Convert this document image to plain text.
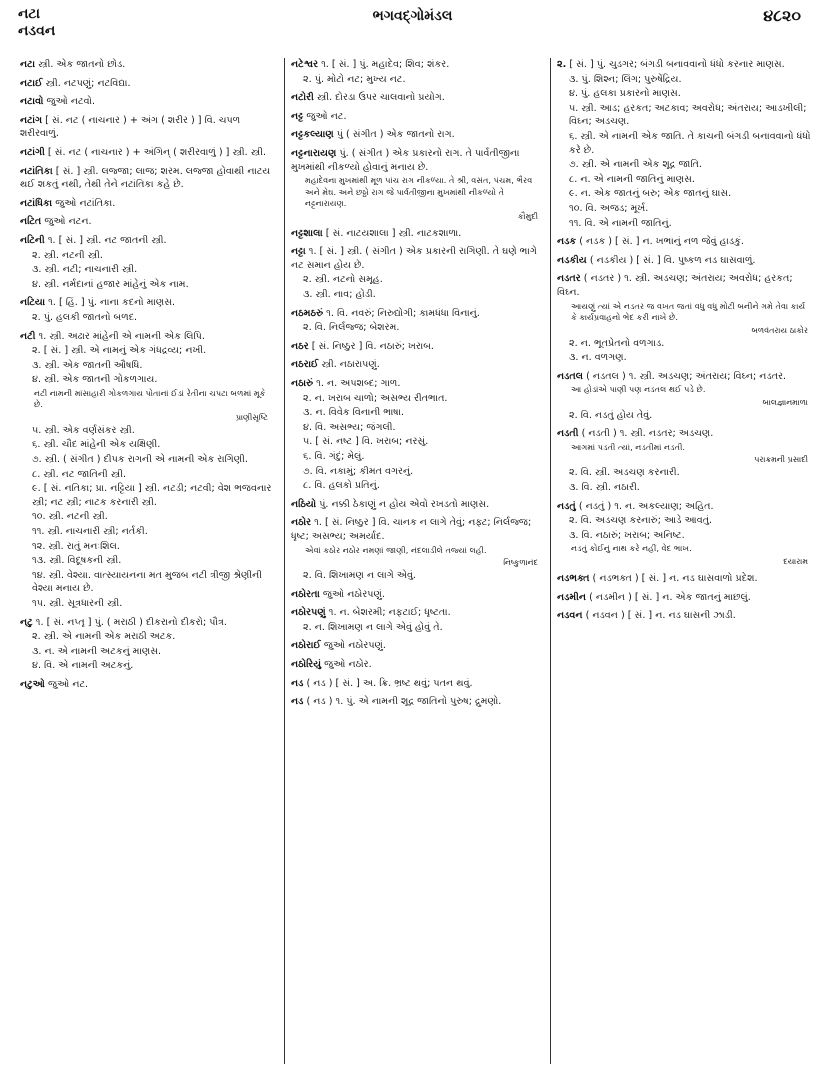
નટા
નડવન
ભગવદ્ગોમંડલ	૪૮૨૦
નટા સ્ત્રી. એક જાતનો છોડ.
નટાઈ સ્ત્રી. નટપણું; નટવિદ્યા.
નટાવો જુઓ નટવો.
નટાંગ [ સં. નટ ( નાચનાર ) + અંગ ( શરીર ) ] વિ. ચપળ શરીરવાળું.
નટાંગી [ સં. નટ ( નાચનાર ) + અંગિન્ ( શરીરવાળું ) ] સ્ત્રી. સ્ત્રી.
નટાંતિકા [ સં. ] સ્ત્રી. લજ્જા; લાજ; શરમ. લજ્જા હોવાથી નાટય થઈ શકતું નથી, તેથી તેને નટાંતિકા કહે છે.
નટાંધિકા જુઓ નટાંતિકા.
નટિત જુઓ નટન.
નટિની ૧. [ સં. ] સ્ત્રી. નટ જાતની સ્ત્રી.
૨. સ્ત્રી. નટની સ્ત્રી.
૩. સ્ત્રી. નટી; નાચનારી સ્ત્રી.
૪. સ્ત્રી. નર્મદાનાં હજાર માંહેનું એક નામ.
નટિયા ૧. [ હિં. ] પું. નાના કદનો માણસ.
૨. પું. હલકી જાતનો બળદ.
નટી ૧. સ્ત્રી. અઢાર માંહેની એ નામની એક લિપિ.
૨. [ સં. ] સ્ત્રી. એ નામનું એક ગંધદ્રવ્ય; નખી.
૩. સ્ત્રી. એક જાતની ઔષધિ.
૪. સ્ત્રી. એક જાતની ગોકળગાય.
નટી નામની માંસાહારી ગોકળગાય પોતાનાં ઈંડાં રેતીના ચપટા બળમાં મૂકે છે.
પ્રાણીસૃષ્ટિ
૫. સ્ત્રી. એક વર્ણસંકર સ્ત્રી.
૬. સ્ત્રી. ચૌદ માંહેની એક યક્ષિણી.
૭. સ્ત્રી. ( સંગીત ) દીપક રાગની એ નામની એક રાગિણી.
૮. સ્ત્રી. નટ જાતિની સ્ત્રી.
૯. [ સં. નતિકા; પ્રા. નટ્ટિયા ] સ્ત્રી. નટડી; નટવી; વેશ ભજવનાર સ્ત્રી; નટ સ્ત્રી; નાટક કરનારી સ્ત્રી.
૧૦. સ્ત્રી. નટની સ્ત્રી.
૧૧. સ્ત્રી. નાચનારી સ્ત્રી; નર્તકી.
૧૨. સ્ત્રી. રાતું મનઃશિલ.
૧૩. સ્ત્રી. વિદૂષકની સ્ત્રી.
૧૪. સ્ત્રી. વેશ્યા. વાત્સ્યાયનના મત મુજબ નટી ત્રીજી શ્રેણીની વેશ્યા મનાય છે.
૧૫. સ્ત્રી. સૂત્રધારની સ્ત્રી.
નટુ ૧. [ સં. નપ્તૃ ] પું. ( મરાઠી ) દીકરાનો દીકરો; પૌત્ર.
૨. સ્ત્રી. એ નામની એક મરાઠી અટક.
૩. ન. એ નામની અટકનું માણસ.
૪. વિ. એ નામની અટકનું.
નટુઓ જુઓ નટ.
નટેશ્વર ૧. [ સં. ] પું. મહાદેવ; શિવ; શંકર.
૨. પું. મોટો નટ; મુખ્ય નટ.
નટોરી સ્ત્રી. દોરડા ઉપર ચાલવાનો પ્રયોગ.
નટ્ટ જુઓ નટ.
નટ્ટકલ્યાણ પું ( સંગીત ) એક જાતનો રાગ.
નટ્ટનારાયણ પું. ( સંગીત ) એક પ્રકારનો રાગ. તે પાર્વતીજીના મુખમાંથી નીકળ્યો હોવાનું મનાય છે.
મહાદેવના મુખમાંથી મૂળ પાંચ રાગ નીકળ્યા. તે શ્રી, વસંત, પંચમ, ભૈરવ અને મેઘ. અને છઠ્ઠો રાગ જે પાર્વતીજીના મુખમાંથી નીકળ્યો તે નટ્ટનારાયણ.
કૌમુદી
નટ્ટશાલા [ સં. નાટયશાલા ] સ્ત્રી. નાટકશાળા.
નટ્ટા ૧. [ સં. ] સ્ત્રી. ( સંગીત ) એક પ્રકારની રાગિણી. તે ઘણે ભાગે નટ સમાન હોય છે.
૨. સ્ત્રી. નટનો સમૂહ.
૩. સ્ત્રી. નાવ; હોડી.
નઠમઠરું ૧. વિ. નવરું; નિરુદ્યોગી; કામધંધા વિનાનું.
૨. વિ. નિર્લજ્જ; બેશરમ.
નઠર [ સં. નિષ્ઠુર ] વિ. નઠારું; ખરાબ.
નઠરાઈ સ્ત્રી. નઠારાપણું.
નઠારું ૧. ન. અપશબ્દ; ગાળ.
૨. ન. ખરાબ ચાળો; અસભ્ય રીતભાત.
૩. ન. વિવેક વિનાની ભાષા.
૪. વિ. અસભ્ય; જંગલી.
૫. [ સં. નષ્ટ ] વિ. ખરાબ; નરસું.
૬. વિ. ગંદું; મેલું.
૭. વિ. નકામું; કીમત વગરનું.
૮. વિ. હલકો પ્રતિનું.
નઠિયો પું. નક્કી ઠેકાણું ન હોય એવો રખડતો માણસ.
નઠોર ૧. [ સં. નિષ્ઠુર ] વિ. ચાનક ન લાગે તેવું; નફ્ટ; નિર્લજ્જ; ધૃષ્ટ; અસભ્ય; અમર્યાદ.
એવાં કઠોર નઠોર નમણાં જાણી, નંદલાડીલે તજ્યાં લહી.
નિષ્કુળાનંદ
૨. વિ. શિખામણ ન લાગે એવું.
નઠોરતા જુઓ નઠોરપણું.
નઠોરપણું ૧. ન. બેશરમી; નફટાઈ; ધૃષ્ટતા.
૨. ન. શિખામણ ન લાગે એવું હોવું તે.
નઠોરાઈ જુઓ નઠોરપણું.
નઠોરિયું જુઓ નઠોર.
નડ ( નડ ) [ સં. ] અ. ક્રિ. ભ્રષ્ટ થવું; પતન થવું.
નડ ( નડ ) ૧. પું. એ નામની શૂદ્ર જાતિનો પુરુષ; દ્રુમણો.
૨. [ સં. ] પું. ચુડગર; બંગડી બનાવવાનો ધંધો કરનાર માણસ.
૩. પું. શિશ્ન; લિંગ; પુરુષેંદ્રિય.
૪. પું. હલકા પ્રકારનો માણસ.
૫. સ્ત્રી. આડ; હરકત; અટકાવ; અવરોધ; અંતરાય; આડખીલી; વિઘ્ન; અડચણ.
૬. સ્ત્રી. એ નામની એક જાતિ. તે કાચની બંગડી બનાવવાનો ધંધો કરે છે.
૭. સ્ત્રી. એ નામની એક શૂદ્ર જાતિ.
૮. ન. એ નામની જાતિનું માણસ.
૯. ન. એક જાતનું બરુ; એક જાતનું ઘાસ.
૧૦. વિ. અજડ; મૂર્ખ.
૧૧. વિ. એ નામની જાતિનું.
નડક ( નડક ) [ સં. ] ન. ખભાનું નળ જેવું હાડકું.
નડકીય ( નડકીય ) [ સં. ] વિ. પુષ્કળ નડ ઘાસવાળું.
નડતર ( નડતર ) ૧. સ્ત્રી. અડચણ; અંતરાય; અવરોધ; હરકત; વિઘ્ન.
આયણું ત્યાં એ નડતર જ વખત જતાં વધુ વધુ મોટી બનીને ગમે તેવા કાર્ય કે કાર્યપ્રવાહનો ભેદ કરી નાખે છે.
બળવંતરાય ઠાકોર
૨. ન. ભૂતપ્રેતનો વળગાડ.
૩. ન. વળગણ.
નડતલ ( નડતલ ) ૧. સ્ત્રી. અડચણ; અંતરાય; વિઘ્ન; નડતર.
આ હોડાંએ પાણી પણ નડતલ થઈ પડે છે.
બાલજ્ઞાનમાળા
૨. વિ. નડતું હોય તેવું.
નડતી ( નડતી ) ૧. સ્ત્રી. નડતર; અડચણ.
આગમાં પડતી ત્યાં, નડતીમાં નડતી.
પરાક્રમની પ્રસાદી
૨. વિ. સ્ત્રી. અડચણ કરનારી.
૩. વિ. સ્ત્રી. નઠારી.
નડતું ( નડતું ) ૧. ન. અકલ્યાણ; અહિત.
૨. વિ. અડચણ કરનારું; આડે આવતું.
૩. વિ. નઠારું; ખરાબ; અનિષ્ટ.
નડતું કોઈનું નાથ કરે નહીં, વેદ ભાખ.
દયારામ
નડભક્ત ( નડભક્ત ) [ સં. ] ન. નડ ઘાસવાળો પ્રદેશ.
નડમીન ( નડમીન ) [ સં. ] ન. એક જાતનું માછલું.
નડવન ( નડવન ) [ સં. ] ન. નડ ઘાસની ઝાડી.
